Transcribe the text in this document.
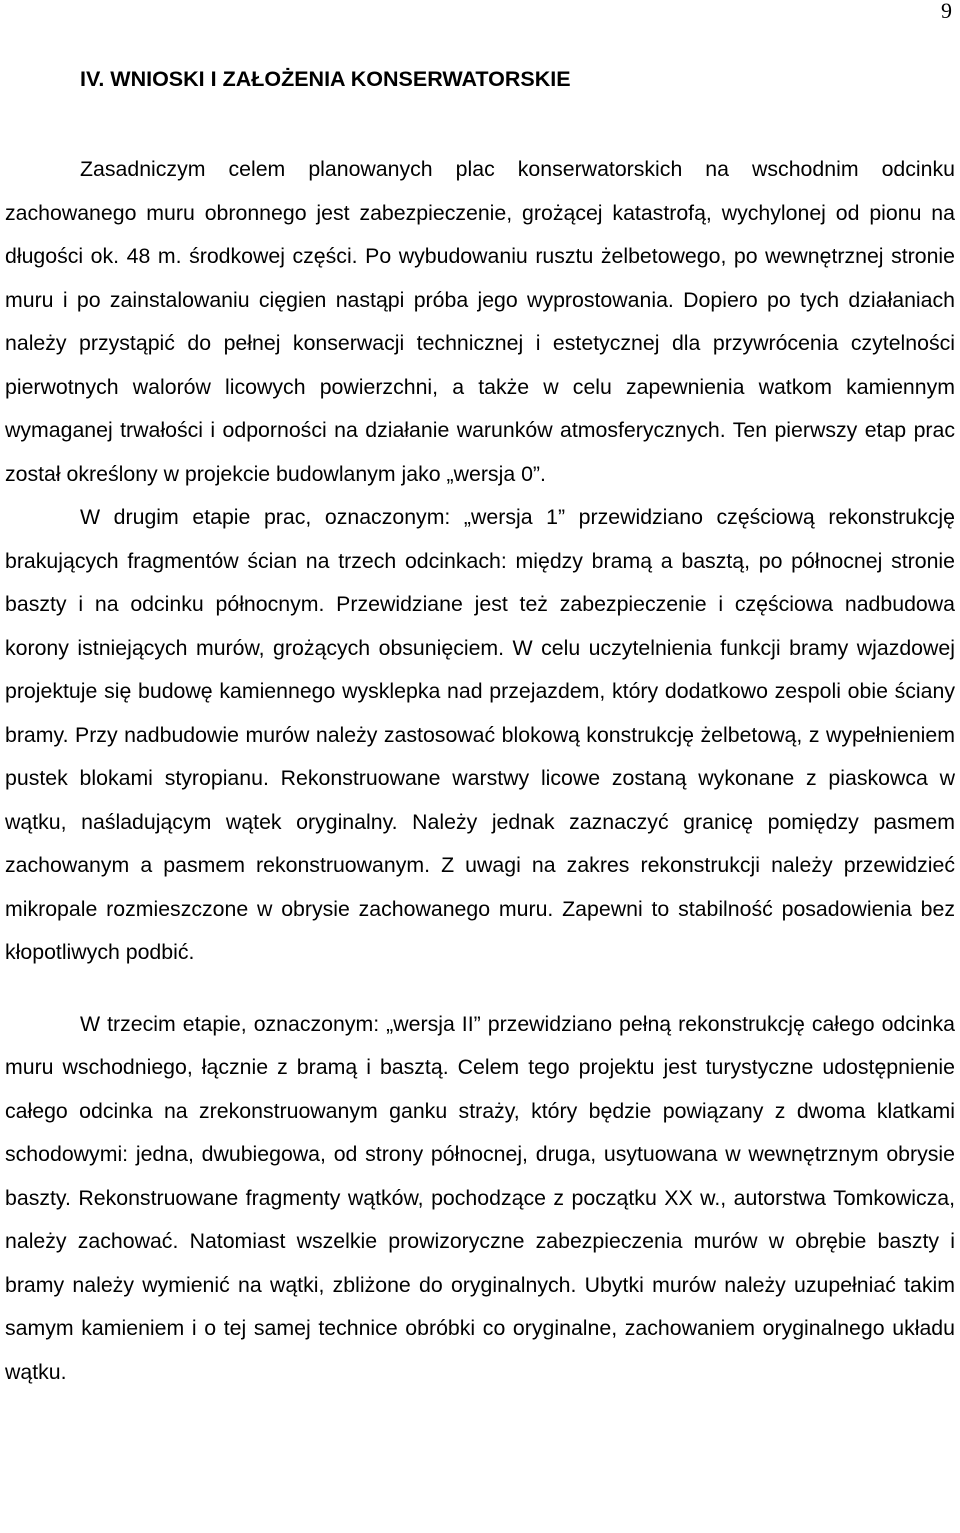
9
IV. WNIOSKI I ZAŁOŻENIA KONSERWATORSKIE

Zasadniczym celem planowanych plac konserwatorskich na wschodnim odcinku zachowanego muru obronnego jest zabezpieczenie, grożącej katastrofą, wychylonej od pionu na długości ok. 48 m. środkowej części. Po wybudowaniu rusztu żelbetowego, po wewnętrznej stronie muru i po zainstalowaniu cięgien nastąpi próba jego wyprostowania. Dopiero po tych działaniach należy przystąpić do pełnej konserwacji technicznej i estetycznej dla przywrócenia czytelności pierwotnych walorów licowych powierzchni, a także w celu zapewnienia watkom kamiennym wymaganej trwałości i odporności na działanie warunków atmosferycznych. Ten pierwszy etap prac został określony w projekcie budowlanym jako „wersja 0”.

W drugim etapie prac, oznaczonym: „wersja 1” przewidziano częściową rekonstrukcję brakujących fragmentów ścian na trzech odcinkach: między bramą a basztą, po północnej stronie baszty i na odcinku północnym. Przewidziane jest też zabezpieczenie i częściowa nadbudowa korony istniejących murów, grożących obsunięciem. W celu uczytelnienia funkcji bramy wjazdowej projektuje się budowę kamiennego wysklepka nad przejazdem, który dodatkowo zespoli obie ściany bramy. Przy nadbudowie murów należy zastosować blokową konstrukcję żelbetową, z wypełnieniem pustek blokami styropianu. Rekonstruowane warstwy licowe zostaną wykonane z piaskowca w wątku, naśladującym wątek oryginalny. Należy jednak zaznaczyć granicę pomiędzy pasmem zachowanym a pasmem rekonstruowanym. Z uwagi na zakres rekonstrukcji należy przewidzieć mikropale rozmieszczone w obrysie zachowanego muru. Zapewni to stabilność posadowienia bez kłopotliwych podbić.

W trzecim etapie, oznaczonym: „wersja II” przewidziano pełną rekonstrukcję całego odcinka muru wschodniego, łącznie z bramą i basztą. Celem tego projektu jest turystyczne udostępnienie całego odcinka na zrekonstruowanym ganku straży, który będzie powiązany z dwoma klatkami schodowymi: jedna, dwubiegowa, od strony północnej, druga, usytuowana w wewnętrznym obrysie baszty. Rekonstruowane fragmenty wątków, pochodzące z początku XX w., autorstwa Tomkowicza, należy zachować. Natomiast wszelkie prowizoryczne zabezpieczenia murów w obrębie baszty i bramy należy wymienić na wątki, zbliżone do oryginalnych. Ubytki murów należy uzupełniać takim samym kamieniem i o tej samej technice obróbki co oryginalne, zachowaniem oryginalnego układu wątku.
